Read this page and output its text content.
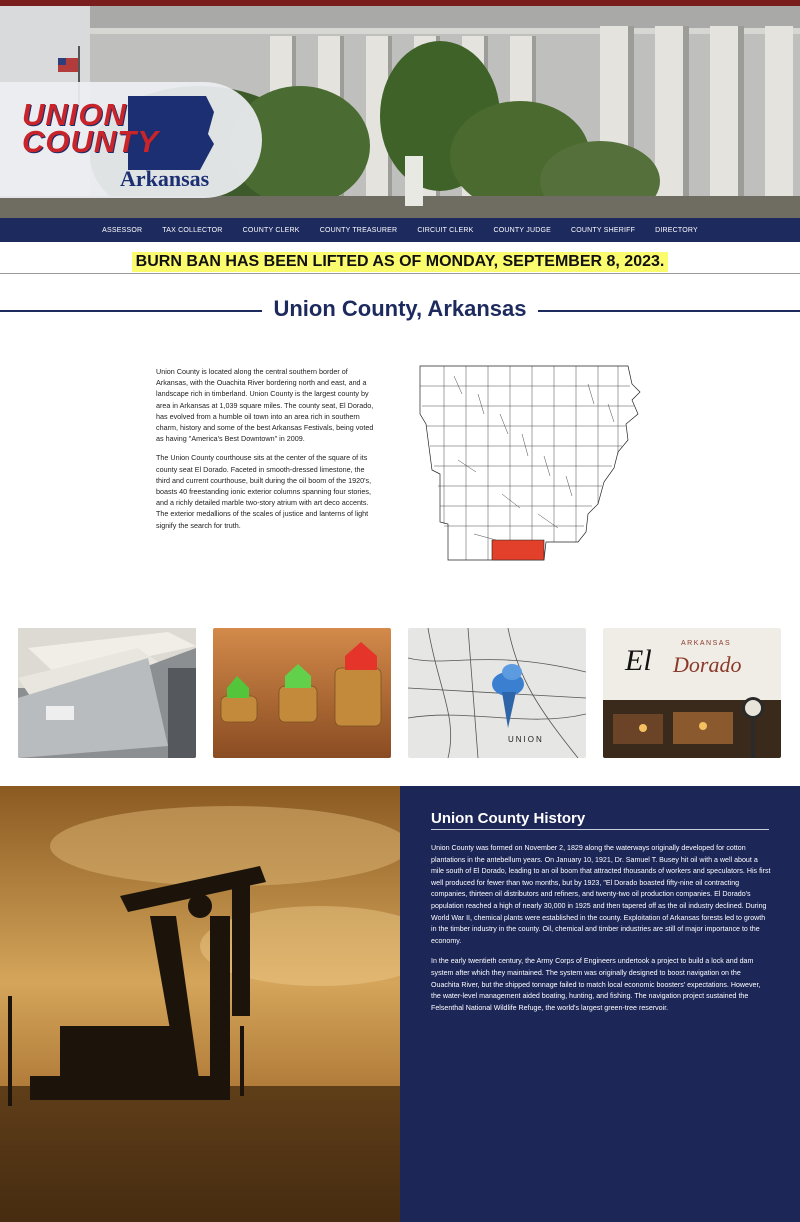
UNION
COUNTY
Arkansas
ASSESSOR	TAX COLLECTOR	COUNTY CLERK	COUNTY TREASURER	CIRCUIT CLERK	COUNTY JUDGE	COUNTY SHERIFF	DIRECTORY
BURN BAN HAS BEEN LIFTED AS OF MONDAY, SEPTEMBER 8, 2023.
Union County, Arkansas

Union County is located along the central southern border of Arkansas, with the Ouachita River bordering north and east, and a landscape rich in timberland. Union County is the largest county by area in Arkansas at 1,039 square miles. The county seat, El Dorado, has evolved from a humble oil town into an area rich in southern charm, history and some of the best Arkansas Festivals, being voted as having "America's Best Downtown" in 2009.

The Union County courthouse sits at the center of the square of its county seat El Dorado. Faceted in smooth-dressed limestone, the third and current courthouse, built during the oil boom of the 1920's, boasts 40 freestanding ionic exterior columns spanning four stories, and a richly detailed marble two-story atrium with art deco accents. The exterior medallions of the scales of justice and lanterns of light signify the search for truth.

UNION
ARKANSAS
El Dorado
Union County History

Union County was formed on November 2, 1829 along the waterways originally developed for cotton plantations in the antebellum years. On January 10, 1921, Dr. Samuel T. Busey hit oil with a well about a mile south of El Dorado, leading to an oil boom that attracted thousands of workers and speculators. His first well produced for fewer than two months, but by 1923, "El Dorado boasted fifty-nine oil contracting companies, thirteen oil distributors and refiners, and twenty-two oil production companies. El Dorado's population reached a high of nearly 30,000 in 1925 and then tapered off as the oil industry declined. During World War II, chemical plants were established in the county. Exploitation of Arkansas forests led to growth in the timber industry in the county. Oil, chemical and timber industries are still of major importance to the economy.

In the early twentieth century, the Army Corps of Engineers undertook a project to build a lock and dam system after which they maintained. The system was originally designed to boost navigation on the Ouachita River, but the shipped tonnage failed to match local economic boosters' expectations. However, the water-level management aided boating, hunting, and fishing. The navigation project sustained the Felsenthal National Wildlife Refuge, the world's largest green-tree reservoir.
